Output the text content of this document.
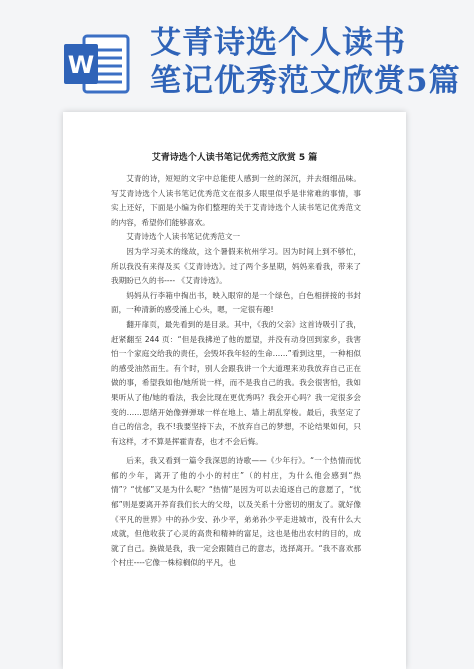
W
艾青诗选个人读书
笔记优秀范文欣赏5篇
艾青诗选个人读书笔记优秀范文欣赏 5 篇

艾青的诗，短短的文字中总能使人感到一丝的深沉，并去细细品味。写艾青诗选个人读书笔记优秀范文在很多人眼里似乎是非常难的事情，事实上还好，下面是小编为你们整理的关于艾青诗选个人读书笔记优秀范文的内容，希望你们能够喜欢。

艾青诗选个人读书笔记优秀范文一

因为学习美术的缘故，这个暑假来杭州学习。因为时间上到不够忙，所以我没有来得及买《艾青诗选》。过了两个多星期，妈妈来看我，带来了我期盼已久的书---- 《艾青诗选》。

妈妈从行李箱中掏出书，映入眼帘的是一个绿色，白色相拼接的书封面，一种清新的感受涌上心头，嗯，一定很有趣!

翻开扉页，最先看到的是目录。其中，《我的父亲》这首诗吸引了我，赶紧翻至 244 页：“但是我拂逆了他的愿望，并没有动身回到家乡，我害怕一个家庭交给我的责任，会毁坏我年轻的生命……”看到这里，一种相似的感受油然而生。有个时，别人会跟我讲一个大道理来劝我放弃自己正在做的事，希望我如他/她所说一样，而不是我自己的我。我会很害怕，我如果听从了他/她的看法，我会比现在更优秀吗？我会开心吗？我一定很多会变的……思绪开始像弹弹球一样在地上、墙上胡乱穿梭。最后，我坚定了自己的信念，我不!我要坚持下去，不放弃自己的梦想，不论结果如何，只有这样，才不算是挥霍青春，也才不会后悔。

后来，我又看到一篇令我深思的诗歌——《少年行》。“一个热情而忧郁的少年，离开了他的小小的村庄”（的村庄，为什么他会感到“热情”？“忧郁”又是为什么呢？“热情”是因为可以去追逐自己的意愿了，“忧郁”则是要离开养育我们长大的父母，以及关系十分密切的朋友了。就好像《平凡的世界》中的孙少安、孙少平，弟弟孙少平走进城市，没有什么大成就，但他收获了心灵的高贵和精神的富足，这也是他出农村的目的，成就了自己。换做是我，我一定会跟随自己的意志，选择离开。“我不喜欢那个村庄----它像一株棕榈似的平凡，也
